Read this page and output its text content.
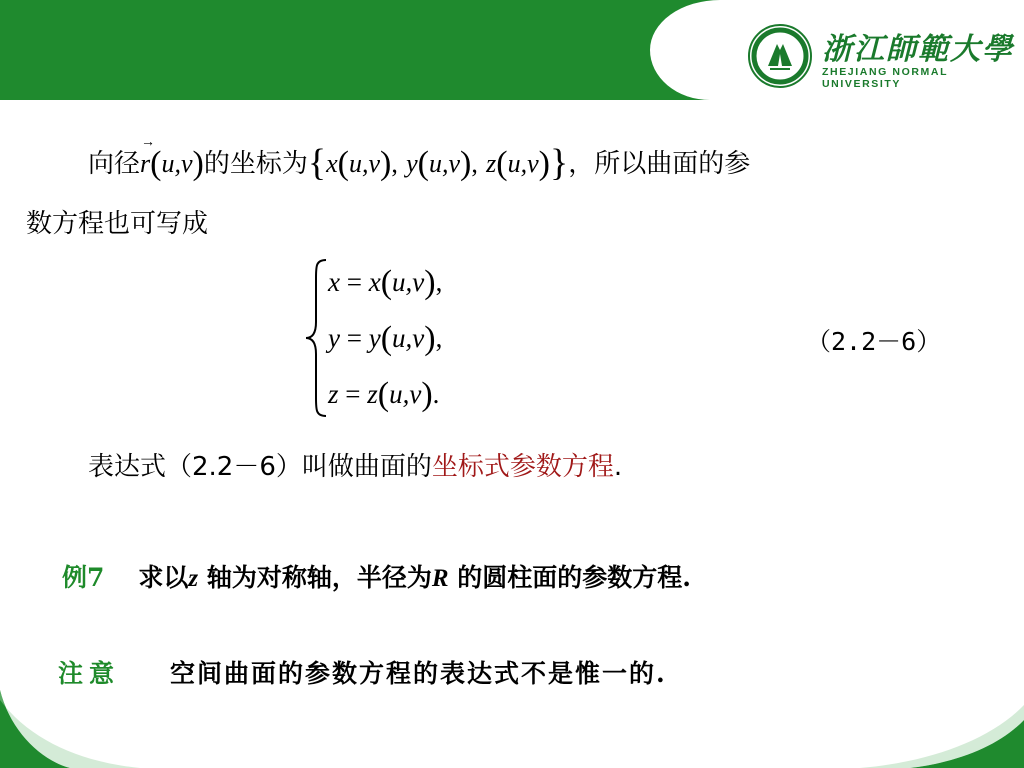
浙江師範大學
ZHEJIANG NORMAL UNIVERSITY
向径→ r(u,v)的坐标为{x(u,v), y(u,v), z(u,v)}，所以曲面的参
数方程也可写成
x = x(u,v),
y = y(u,v),
z = z(u,v).
（2.2－6）
表达式（2.2－6）叫做曲面的坐标式参数方程.
例7 求以z 轴为对称轴，半径为R 的圆柱面的参数方程.
注意 空间曲面的参数方程的表达式不是惟一的.
